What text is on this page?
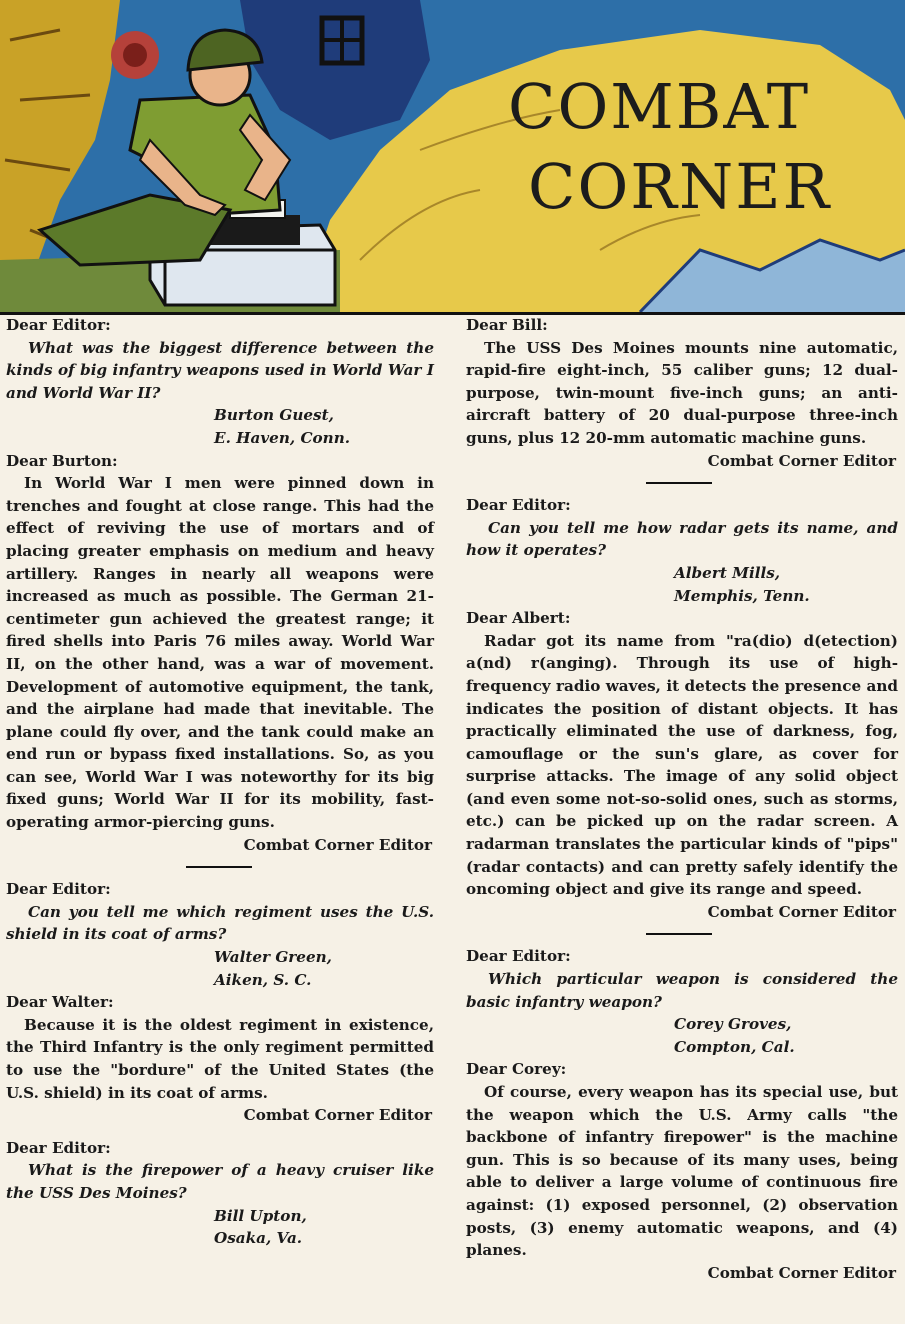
COMBAT
CORNER

Dear Editor:

What was the biggest difference between the kinds of big infantry weapons used in World War I and World War II?

Burton Guest,

E. Haven, Conn.

Dear Burton:

In World War I men were pinned down in trenches and fought at close range. This had the effect of reviving the use of mortars and of placing greater emphasis on medium and heavy artillery. Ranges in nearly all weapons were increased as much as possible. The German 21-centimeter gun achieved the greatest range; it fired shells into Paris 76 miles away. World War II, on the other hand, was a war of movement. Development of automotive equipment, the tank, and the airplane had made that inevitable. The plane could fly over, and the tank could make an end run or bypass fixed installations. So, as you can see, World War I was noteworthy for its big fixed guns; World War II for its mobility, fast-operating armor-piercing guns.

Combat Corner Editor

Dear Editor:

Can you tell me which regiment uses the U.S. shield in its coat of arms?

Walter Green,

Aiken, S. C.

Dear Walter:

Because it is the oldest regiment in existence, the Third Infantry is the only regiment permitted to use the "bordure" of the United States (the U.S. shield) in its coat of arms.

Combat Corner Editor

Dear Editor:

What is the firepower of a heavy cruiser like the USS Des Moines?

Bill Upton,

Osaka, Va.

Dear Bill:

The USS Des Moines mounts nine automatic, rapid-fire eight-inch, 55 caliber guns; 12 dual-purpose, twin-mount five-inch guns; an anti-aircraft battery of 20 dual-purpose three-inch guns, plus 12 20-mm automatic machine guns.

Combat Corner Editor

Dear Editor:

Can you tell me how radar gets its name, and how it operates?

Albert Mills,

Memphis, Tenn.

Dear Albert:

Radar got its name from "ra(dio) d(etection) a(nd) r(anging). Through its use of high-frequency radio waves, it detects the presence and indicates the position of distant objects. It has practically eliminated the use of darkness, fog, camouflage or the sun's glare, as cover for surprise attacks. The image of any solid object (and even some not-so-solid ones, such as storms, etc.) can be picked up on the radar screen. A radarman translates the particular kinds of "pips" (radar contacts) and can pretty safely identify the oncoming object and give its range and speed.

Combat Corner Editor

Dear Editor:

Which particular weapon is considered the basic infantry weapon?

Corey Groves,

Compton, Cal.

Dear Corey:

Of course, every weapon has its special use, but the weapon which the U.S. Army calls "the backbone of infantry firepower" is the machine gun. This is so because of its many uses, being able to deliver a large volume of continuous fire against: (1) exposed personnel, (2) observation posts, (3) enemy automatic weapons, and (4) planes.

Combat Corner Editor
